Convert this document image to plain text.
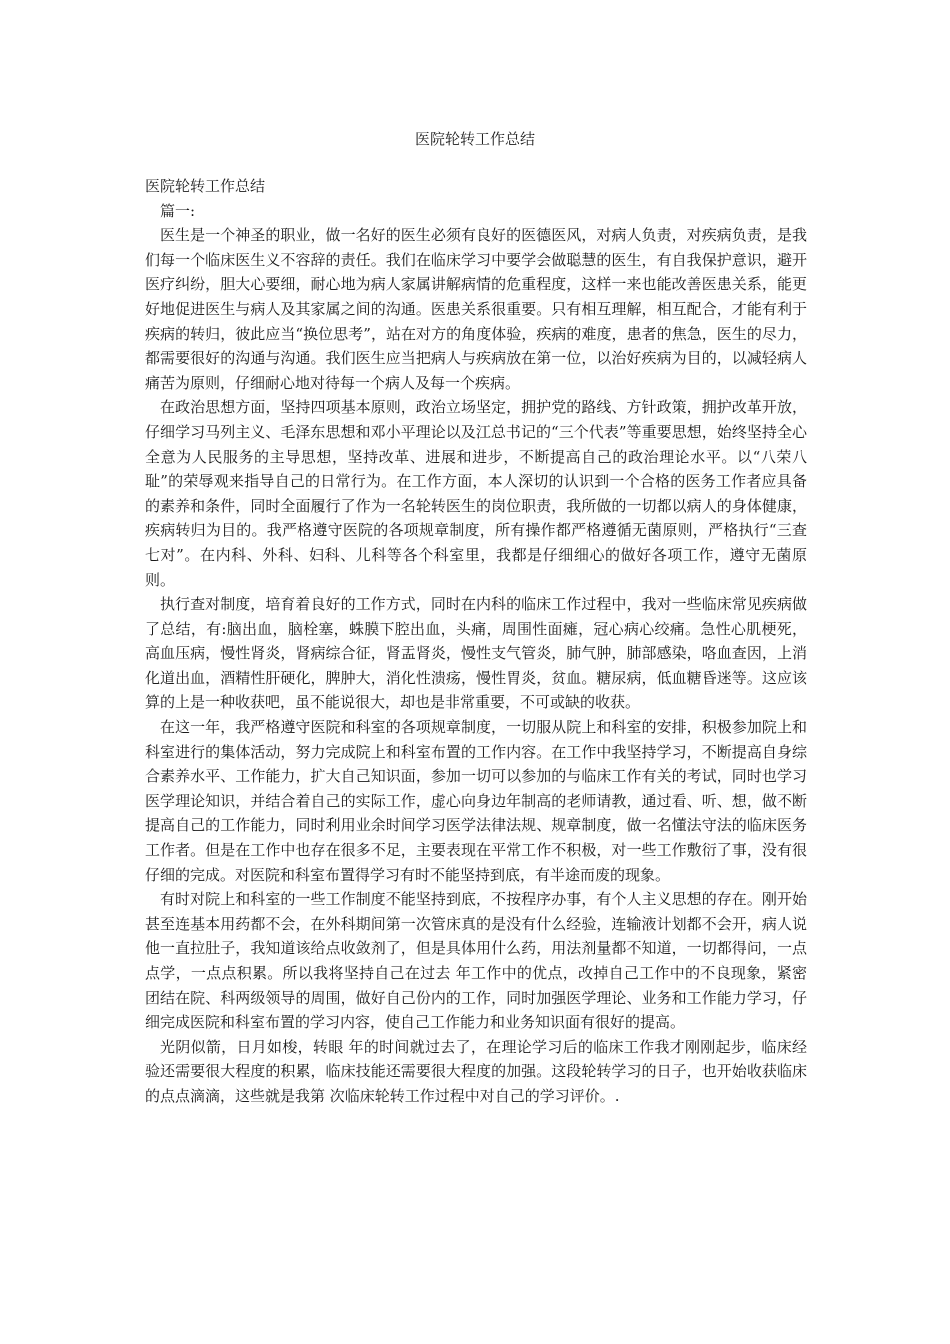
医院轮转工作总结

医院轮转工作总结

篇一:

医生是一个神圣的职业，做一名好的医生必须有良好的医德医风，对病人负责，对疾病负责，是我们每一个临床医生义不容辞的责任。我们在临床学习中要学会做聪慧的医生，有自我保护意识，避开医疗纠纷，胆大心要细，耐心地为病人家属讲解病情的危重程度，这样一来也能改善医患关系，能更好地促进医生与病人及其家属之间的沟通。医患关系很重要。只有相互理解，相互配合，才能有利于疾病的转归，彼此应当“换位思考”，站在对方的角度体验，疾病的难度，患者的焦急，医生的尽力，都需要很好的沟通与沟通。我们医生应当把病人与疾病放在第一位，以治好疾病为目的，以减轻病人痛苦为原则，仔细耐心地对待每一个病人及每一个疾病。

在政治思想方面，坚持四项基本原则，政治立场坚定，拥护党的路线、方针政策，拥护改革开放，仔细学习马列主义、毛泽东思想和邓小平理论以及江总书记的“三个代表”等重要思想，始终坚持全心全意为人民服务的主导思想，坚持改革、进展和进步，不断提高自己的政治理论水平。以“八荣八耻”的荣辱观来指导自己的日常行为。在工作方面，本人深切的认识到一个合格的医务工作者应具备的素养和条件，同时全面履行了作为一名轮转医生的岗位职责，我所做的一切都以病人的身体健康，疾病转归为目的。我严格遵守医院的各项规章制度，所有操作都严格遵循无菌原则，严格执行“三查七对”。在内科、外科、妇科、儿科等各个科室里，我都是仔细细心的做好各项工作，遵守无菌原则。

执行查对制度，培育着良好的工作方式，同时在内科的临床工作过程中，我对一些临床常见疾病做了总结，有:脑出血，脑栓塞，蛛膜下腔出血，头痛，周围性面瘫，冠心病心绞痛。急性心肌梗死，高血压病，慢性肾炎，肾病综合征，肾盂肾炎，慢性支气管炎，肺气肿，肺部感染，咯血查因，上消化道出血，酒精性肝硬化，脾肿大，消化性溃疡，慢性胃炎，贫血。糖尿病，低血糖昏迷等。这应该算的上是一种收获吧，虽不能说很大，却也是非常重要，不可或缺的收获。

在这一年，我严格遵守医院和科室的各项规章制度，一切服从院上和科室的安排，积极参加院上和科室进行的集体活动，努力完成院上和科室布置的工作内容。在工作中我坚持学习，不断提高自身综合素养水平、工作能力，扩大自己知识面，参加一切可以参加的与临床工作有关的考试，同时也学习医学理论知识，并结合着自己的实际工作，虚心向身边年制高的老师请教，通过看、听、想，做不断提高自己的工作能力，同时利用业余时间学习医学法律法规、规章制度，做一名懂法守法的临床医务工作者。但是在工作中也存在很多不足，主要表现在平常工作不积极，对一些工作敷衍了事，没有很仔细的完成。对医院和科室布置得学习有时不能坚持到底，有半途而废的现象。

有时对院上和科室的一些工作制度不能坚持到底，不按程序办事，有个人主义思想的存在。刚开始甚至连基本用药都不会，在外科期间第一次管床真的是没有什么经验，连输液计划都不会开，病人说他一直拉肚子，我知道该给点收敛剂了，但是具体用什么药，用法剂量都不知道，一切都得问，一点点学，一点点积累。所以我将坚持自己在过去 年工作中的优点，改掉自己工作中的不良现象，紧密团结在院、科两级领导的周围，做好自己份内的工作，同时加强医学理论、业务和工作能力学习，仔细完成医院和科室布置的学习内容，使自己工作能力和业务知识面有很好的提高。

光阴似箭，日月如梭，转眼 年的时间就过去了，在理论学习后的临床工作我才刚刚起步，临床经验还需要很大程度的积累，临床技能还需要很大程度的加强。这段轮转学习的日子，也开始收获临床的点点滴滴，这些就是我第 次临床轮转工作过程中对自己的学习评价。.
